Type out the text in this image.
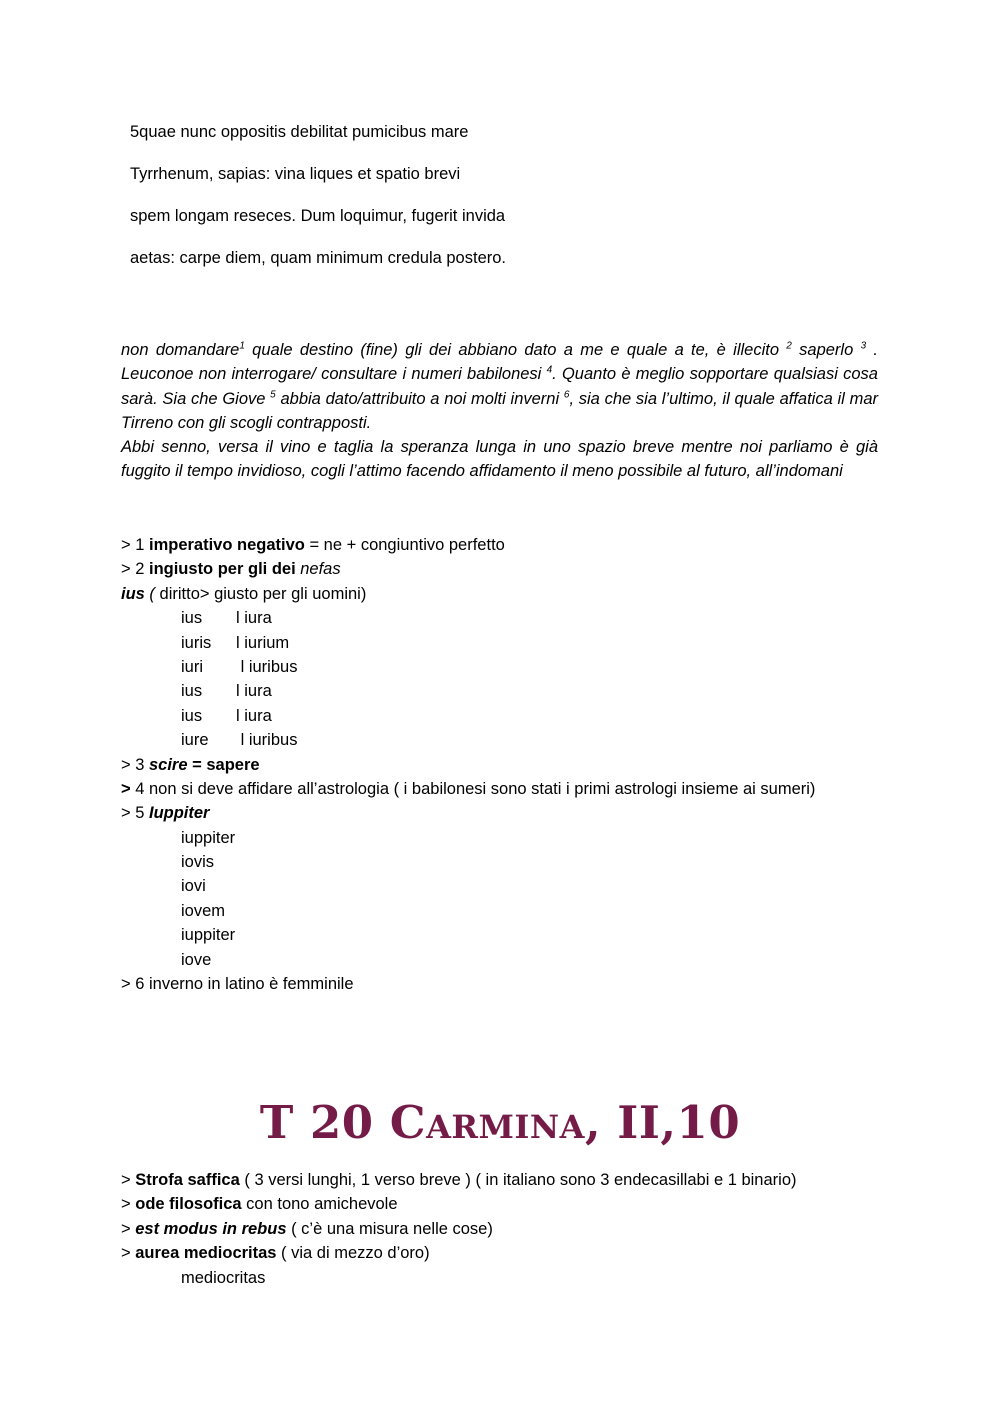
5quae nunc oppositis debilitat pumicibus mare
Tyrrhenum, sapias: vina liques et spatio brevi
spem longam reseces. Dum loquimur, fugerit invida
aetas: carpe diem, quam minimum credula postero.

non domandare$^1$ quale destino (fine) gli dei abbiano dato a me e quale a te, è illecito $^2$ saperlo $^3$ . Leuconoe non interrogare/ consultare i numeri babilonesi $^4$. Quanto è meglio sopportare qualsiasi cosa sarà. Sia che Giove $^5$ abbia dato/attribuito a noi molti inverni $^6$, sia che sia l’ultimo, il quale affatica il mar Tirreno con gli scogli contrapposti.

Abbi senno, versa il vino e taglia la speranza lunga in uno spazio breve mentre noi parliamo è già fuggito il tempo invidioso, cogli l’attimo facendo affidamento il meno possibile al futuro, all’indomani

> 1 imperativo negativo = ne + congiuntivo perfetto
> 2 ingiusto per gli dei nefas
ius ( diritto> giusto per gli uomini)
ius l iura
iuris l iurium
iuri l iuribus
ius l iura
ius l iura
iure l iuribus
> 3 scire = sapere
> 4 non si deve affidare all’astrologia ( i babilonesi sono stati i primi astrologi insieme ai sumeri)
> 5 Iuppiter
iuppiter
iovis
iovi
iovem
iuppiter
iove
> 6 inverno in latino è femminile
T 20 Carmina, II,10
> Strofa saffica ( 3 versi lunghi, 1 verso breve ) ( in italiano sono 3 endecasillabi e 1 binario)
> ode filosofica con tono amichevole
> est modus in rebus ( c’è una misura nelle cose)
> aurea mediocritas ( via di mezzo d’oro)
mediocritas
